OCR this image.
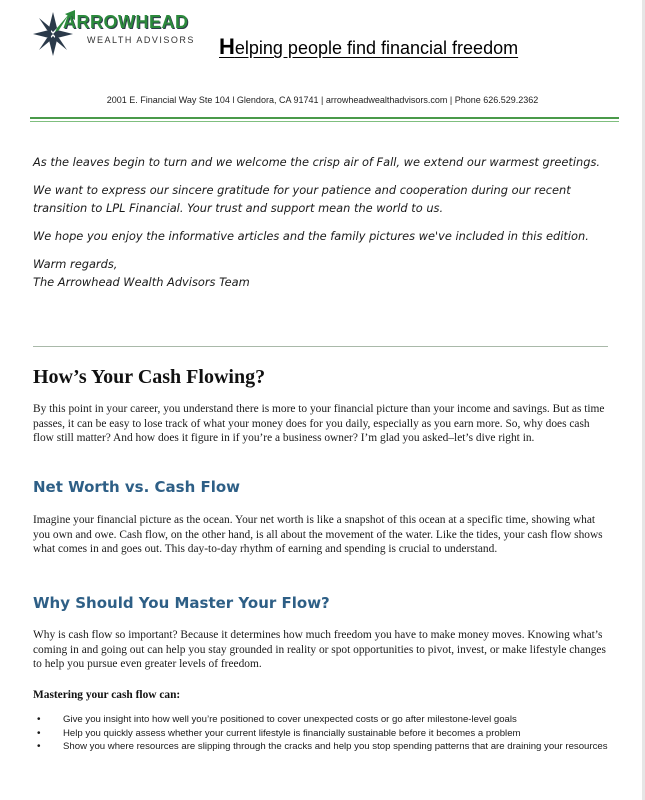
ARROWHEAD
WEALTH ADVISORS Helping people find financial freedom
2001 E. Financial Way Ste 104 l Glendora, CA 91741 | arrowheadwealthadvisors.com | Phone 626.529.2362

As the leaves begin to turn and we welcome the crisp air of Fall, we extend our warmest greetings.

We want to express our sincere gratitude for your patience and cooperation during our recent transition to LPL Financial. Your trust and support mean the world to us.

We hope you enjoy the informative articles and the family pictures we've included in this edition.

Warm regards,

The Arrowhead Wealth Advisors Team

How’s Your Cash Flowing?

By this point in your career, you understand there is more to your financial picture than your income and savings. But as time passes, it can be easy to lose track of what your money does for you daily, especially as you earn more. So, why does cash flow still matter? And how does it figure in if you’re a business owner? I’m glad you asked–let’s dive right in.

Net Worth vs. Cash Flow

Imagine your financial picture as the ocean. Your net worth is like a snapshot of this ocean at a specific time, showing what you own and owe. Cash flow, on the other hand, is all about the movement of the water. Like the tides, your cash flow shows what comes in and goes out. This day-to-day rhythm of earning and spending is crucial to understand.

Why Should You Master Your Flow?

Why is cash flow so important? Because it determines how much freedom you have to make money moves. Knowing what’s coming in and going out can help you stay grounded in reality or spot opportunities to pivot, invest, or make lifestyle changes to help you pursue even greater levels of freedom.

Mastering your cash flow can:

• Give you insight into how well you’re positioned to cover unexpected costs or go after milestone-level goals
• Help you quickly assess whether your current lifestyle is financially sustainable before it becomes a problem
• Show you where resources are slipping through the cracks and help you stop spending patterns that are draining your resources
